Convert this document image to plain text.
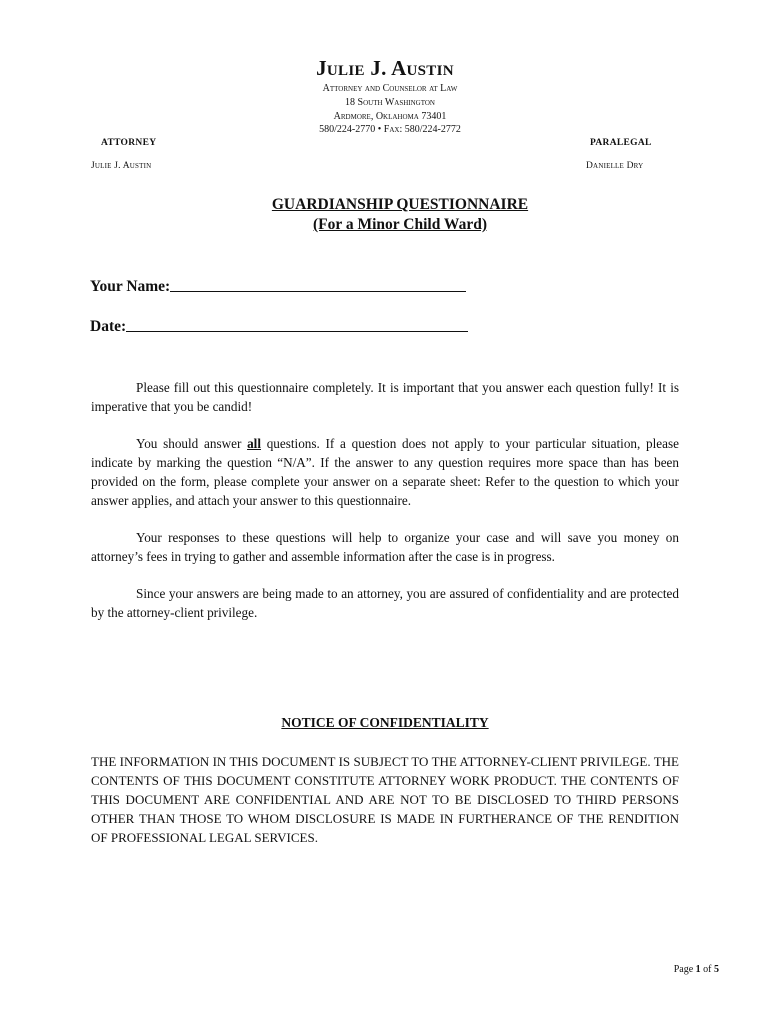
Julie J. Austin
Attorney and Counselor at Law
18 South Washington
Ardmore, Oklahoma 73401
580/224-2770 • Fax: 580/224-2772
ATTORNEY
Julie J. Austin
PARALEGAL
Danielle Dry
GUARDIANSHIP QUESTIONNAIRE
(For a Minor Child Ward)
Your Name:
Date:
Please fill out this questionnaire completely. It is important that you answer each question fully! It is imperative that you be candid!
You should answer all questions. If a question does not apply to your particular situation, please indicate by marking the question “N/A”. If the answer to any question requires more space than has been provided on the form, please complete your answer on a separate sheet: Refer to the question to which your answer applies, and attach your answer to this questionnaire.
Your responses to these questions will help to organize your case and will save you money on attorney’s fees in trying to gather and assemble information after the case is in progress.
Since your answers are being made to an attorney, you are assured of confidentiality and are protected by the attorney-client privilege.
NOTICE OF CONFIDENTIALITY
THE INFORMATION IN THIS DOCUMENT IS SUBJECT TO THE ATTORNEY-CLIENT PRIVILEGE. THE CONTENTS OF THIS DOCUMENT CONSTITUTE ATTORNEY WORK PRODUCT. THE CONTENTS OF THIS DOCUMENT ARE CONFIDENTIAL AND ARE NOT TO BE DISCLOSED TO THIRD PERSONS OTHER THAN THOSE TO WHOM DISCLOSURE IS MADE IN FURTHERANCE OF THE RENDITION OF PROFESSIONAL LEGAL SERVICES.
Page 1 of 5
